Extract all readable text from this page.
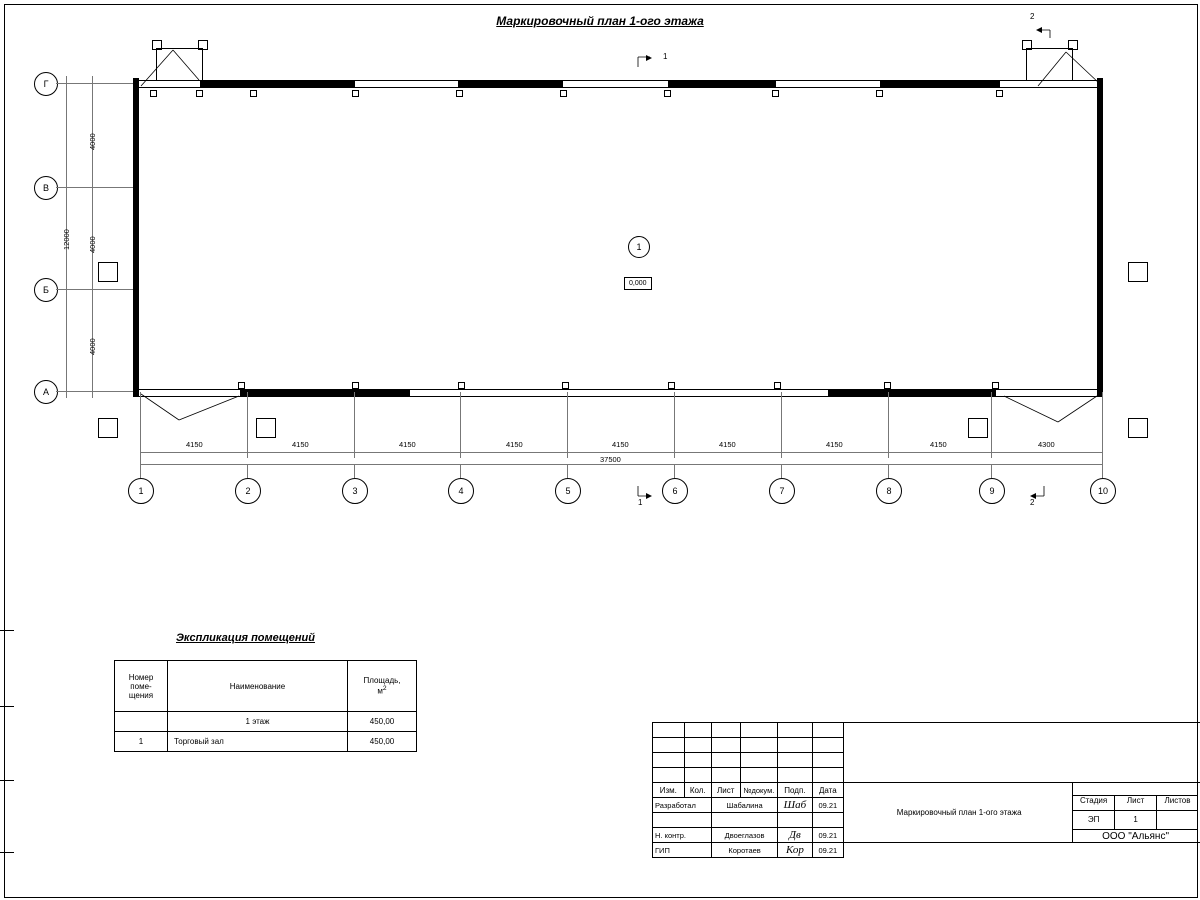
Маркировочный план 1-ого этажа
Г
В
Б
А
4000
4000
4000
12000	1
0,000
1
2
1	2
4150	4150	4150	4150	4150	4150	4150	4150	4300
37500
1	2	3	4	5	6	7	8	9	10
Экспликация помещений
Номер
поме-
щения
	Наименование	
Площадь,
$м^2$

	1 этаж	450,00
1	Торговый зал	450,00

Изм.	Кол.	Лист	№докум.	Подп.	Дата	
Маркировочный план 1-ого этажа
Стадия	Лист	Листов
ЭП	1
ООО "Альянс"

Разработал		Шабалина		Шаб	09.21	

Н. контр.		Двоеглазов		Дв	09.21	
ГИП		Коротаев		Кор	09.21	
